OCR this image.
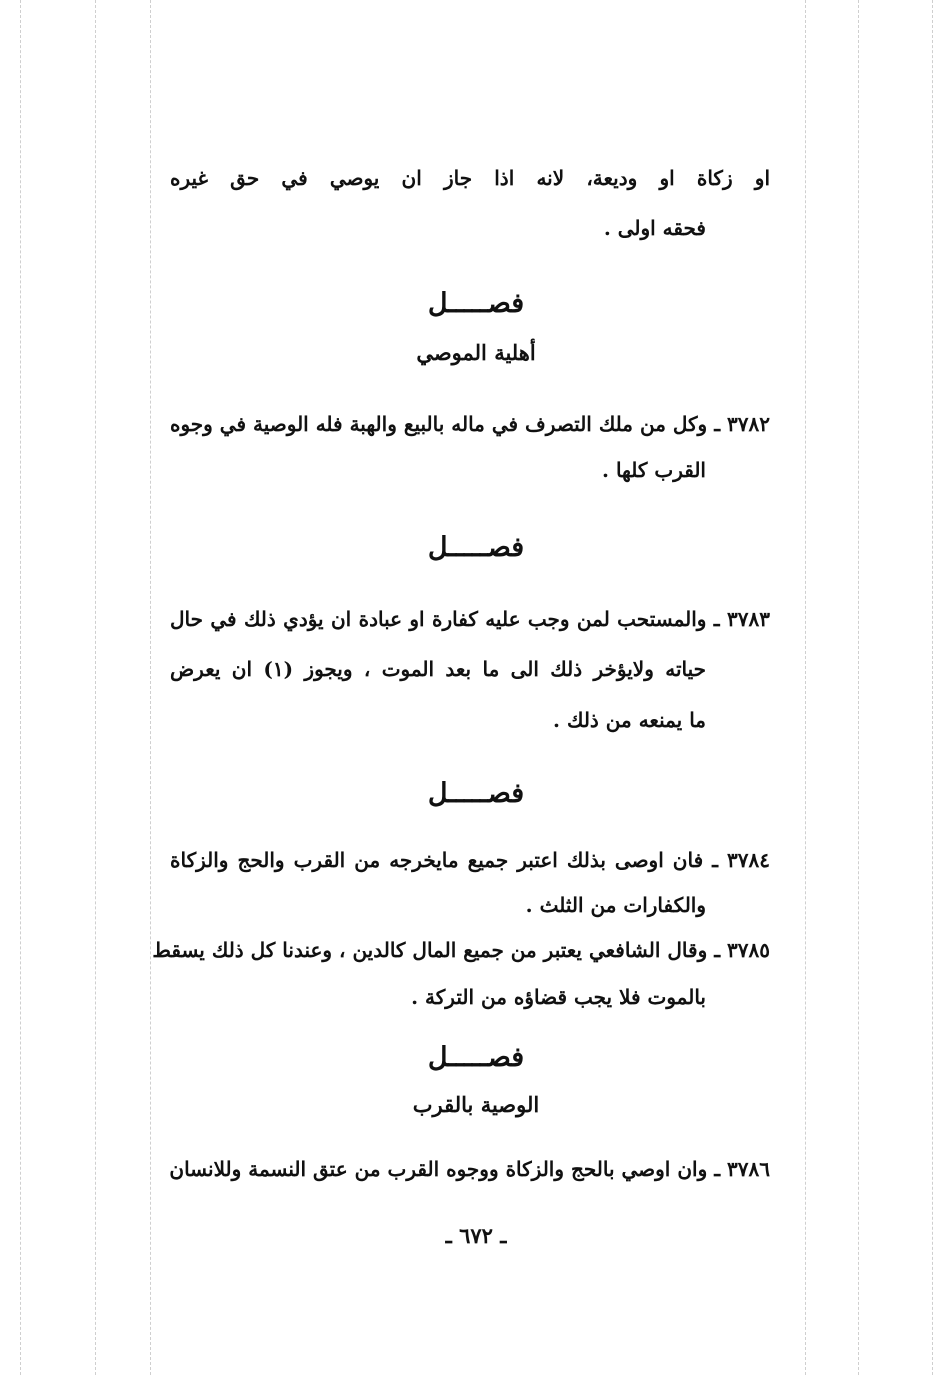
او زكاة او وديعة، لانه اذا جاز ان يوصي في حق غيره
فحقه اولى .
فصـــــل
أهلية الموصي
٣٧٨٢ ـ وكل من ملك التصرف في ماله بالبيع والهبة فله الوصية في وجوه
القرب كلها .
فصـــــل
٣٧٨٣ ـ والمستحب لمن وجب عليه كفارة او عبادة ان يؤدي ذلك في حال
حياته ولايؤخر ذلك الى ما بعد الموت ، ويجوز (١) ان يعرض
ما يمنعه من ذلك .
فصـــــل
٣٧٨٤ ـ فان اوصى بذلك اعتبر جميع مايخرجه من القرب والحج والزكاة
والكفارات من الثلث .
٣٧٨٥ ـ وقال الشافعي يعتبر من جميع المال كالدين ، وعندنا كل ذلك يسقط
بالموت فلا يجب قضاؤه من التركة .
فصـــــل
الوصية بالقرب
٣٧٨٦ ـ وان اوصي بالحج والزكاة ووجوه القرب من عتق النسمة وللانسان
ـ ٦٧٢ ـ
